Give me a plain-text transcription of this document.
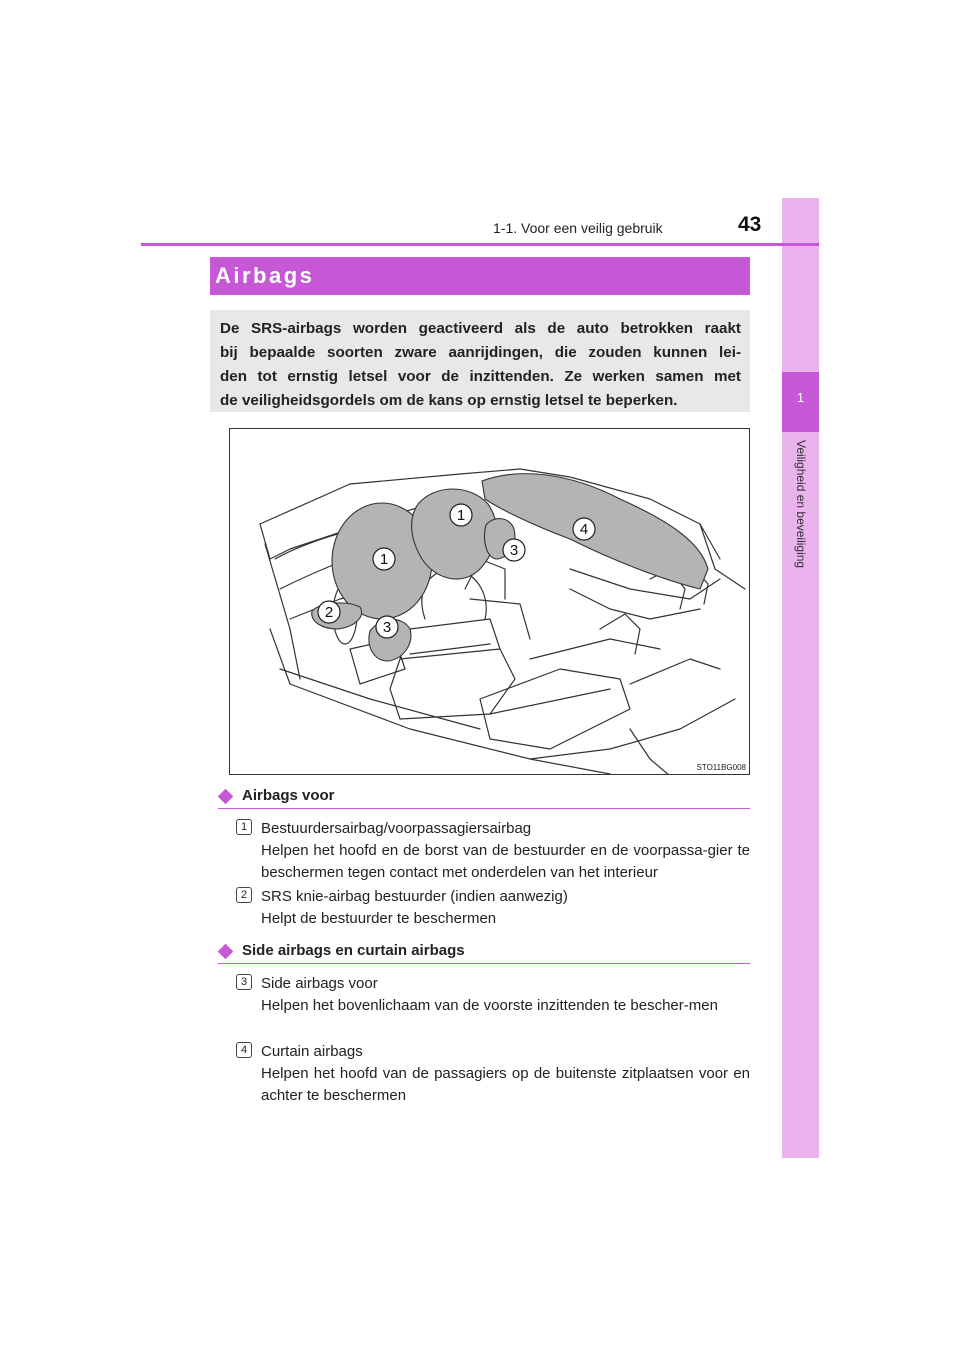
1
Veiligheid en beveiliging
1-1. Voor een veilig gebruik	43
Airbags

De SRS-airbags worden geactiveerd als de auto betrokken raakt

bij bepaalde soorten zware aanrijdingen, die zouden kunnen lei-

den tot ernstig letsel voor de inzittenden. Ze werken samen met

de veiligheidsgordels om de kans op ernstig letsel te beperken.

1
1
2
3
3
4
STO11BG008
Airbags voor
1 Bestuurdersairbag/voorpassagiersairbag
Helpen het hoofd en de borst van de bestuurder en de voorpassa-gier te beschermen tegen contact met onderdelen van het interieur
2 SRS knie-airbag bestuurder (indien aanwezig)
Helpt de bestuurder te beschermen
Side airbags en curtain airbags
3 Side airbags voor
Helpen het bovenlichaam van de voorste inzittenden te bescher-men
4 Curtain airbags
Helpen het hoofd van de passagiers op de buitenste zitplaatsen voor en achter te beschermen
